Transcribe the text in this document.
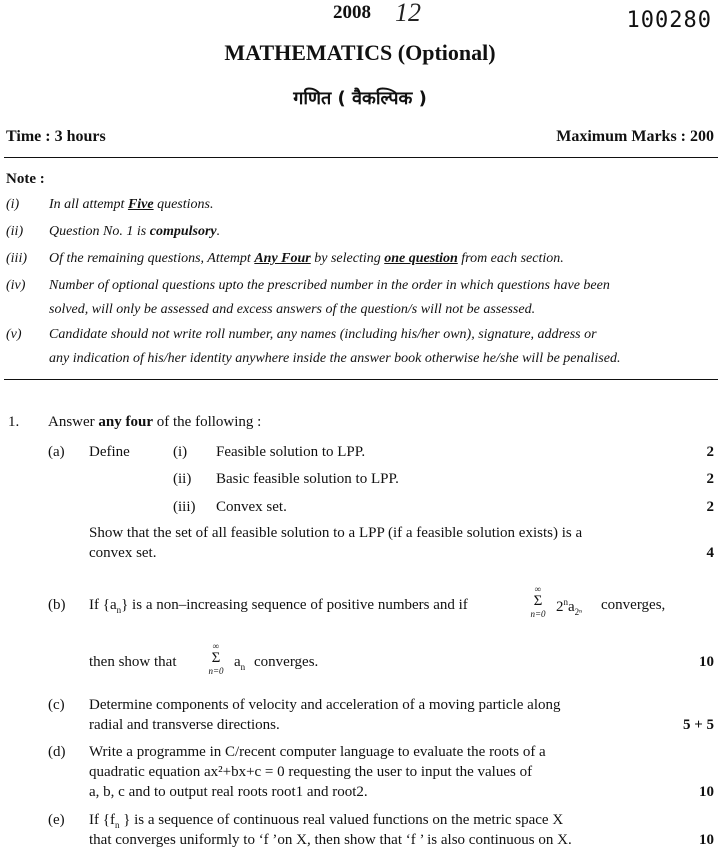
2008 12	100280
MATHEMATICS (Optional)
गणित ( वैकल्पिक )
Time : 3 hours	Maximum Marks : 200
Note :
(i) In all attempt Five questions.
(ii) Question No. 1 is compulsory.
(iii) Of the remaining questions, Attempt Any Four by selecting one question from each section.
(iv) Number of optional questions upto the prescribed number in the order in which questions have been
solved, will only be assessed and excess answers of the question/s will not be assessed.
(v) Candidate should not write roll number, any names (including his/her own), signature, address or
any indication of his/her identity anywhere inside the answer book otherwise he/she will be penalised.
1. Answer any four of the following :
(a) Define	(i) Feasible solution to LPP.	2
(ii) Basic feasible solution to LPP.	2
(iii) Convex set.	2
Show that the set of all feasible solution to a LPP (if a feasible solution exists) is a
convex set.	4
(b) If $\{a_n\}$ is a non–increasing sequence of positive numbers and if
∞
Σ
n=0 $2^na_{2^n}$ converges,
then show that
∞
Σ
n=0
$a_n$ converges.	10
(c) Determine components of velocity and acceleration of a moving particle along
radial and transverse directions.	5 + 5
(d) Write a programme in C/recent computer language to evaluate the roots of a
quadratic equation ax²+bx+c = 0 requesting the user to input the values of
a, b, c and to output real roots root1 and root2.	10
(e) If {$f_n$ } is a sequence of continuous real valued functions on the metric space X
that converges uniformly to ‘f ’on X, then show that ‘f ’ is also continuous on X.	10
